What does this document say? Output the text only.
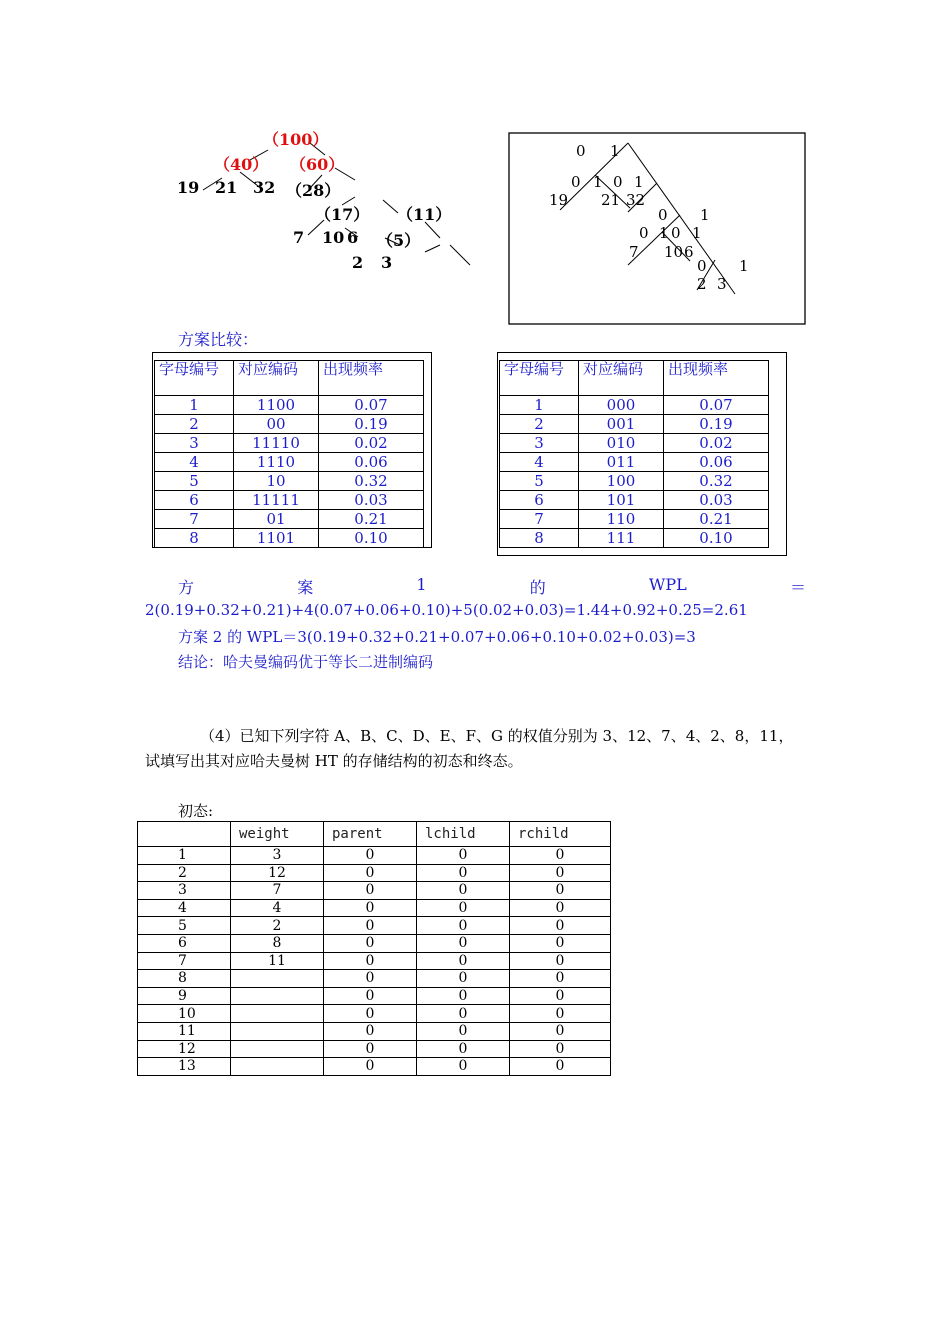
（100）
（40） （60）
19 21 32 （28）
（17） （11）
7 10 6 （5）
2 3
0 1
0 1 0 1
19 21 32
0 1
0 1 0 1
7 10 6
0 1
2 3
方案比较：
字母编号	对应编码	出现频率
1	1100	0.07
2	00	0.19
3	11110	0.02
4	1110	0.06
5	10	0.32
6	11111	0.03
7	01	0.21
8	1101	0.10
字母编号	对应编码	出现频率
1	000	0.07
2	001	0.19
3	010	0.02
4	011	0.06
5	100	0.32
6	101	0.03
7	110	0.21
8	111	0.10
方	案	1	的	WPL	＝
2(0.19+0.32+0.21)+4(0.07+0.06+0.10)+5(0.02+0.03)=1.44+0.92+0.25=2.61
方案 2 的 WPL＝3(0.19+0.32+0.21+0.07+0.06+0.10+0.02+0.03)=3
结论：哈夫曼编码优于等长二进制编码
（4）已知下列字符 A、B、C、D、E、F、G 的权值分别为 3、12、7、4、2、8，11，
试填写出其对应哈夫曼树 HT 的存储结构的初态和终态。
初态:
	weight	parent	lchild	rchild
1	3	0	0	0
2	12	0	0	0
3	7	0	0	0
4	4	0	0	0
5	2	0	0	0
6	8	0	0	0
7	11	0	0	0
8		0	0	0
9		0	0	0
10		0	0	0
11		0	0	0
12		0	0	0
13		0	0	0
